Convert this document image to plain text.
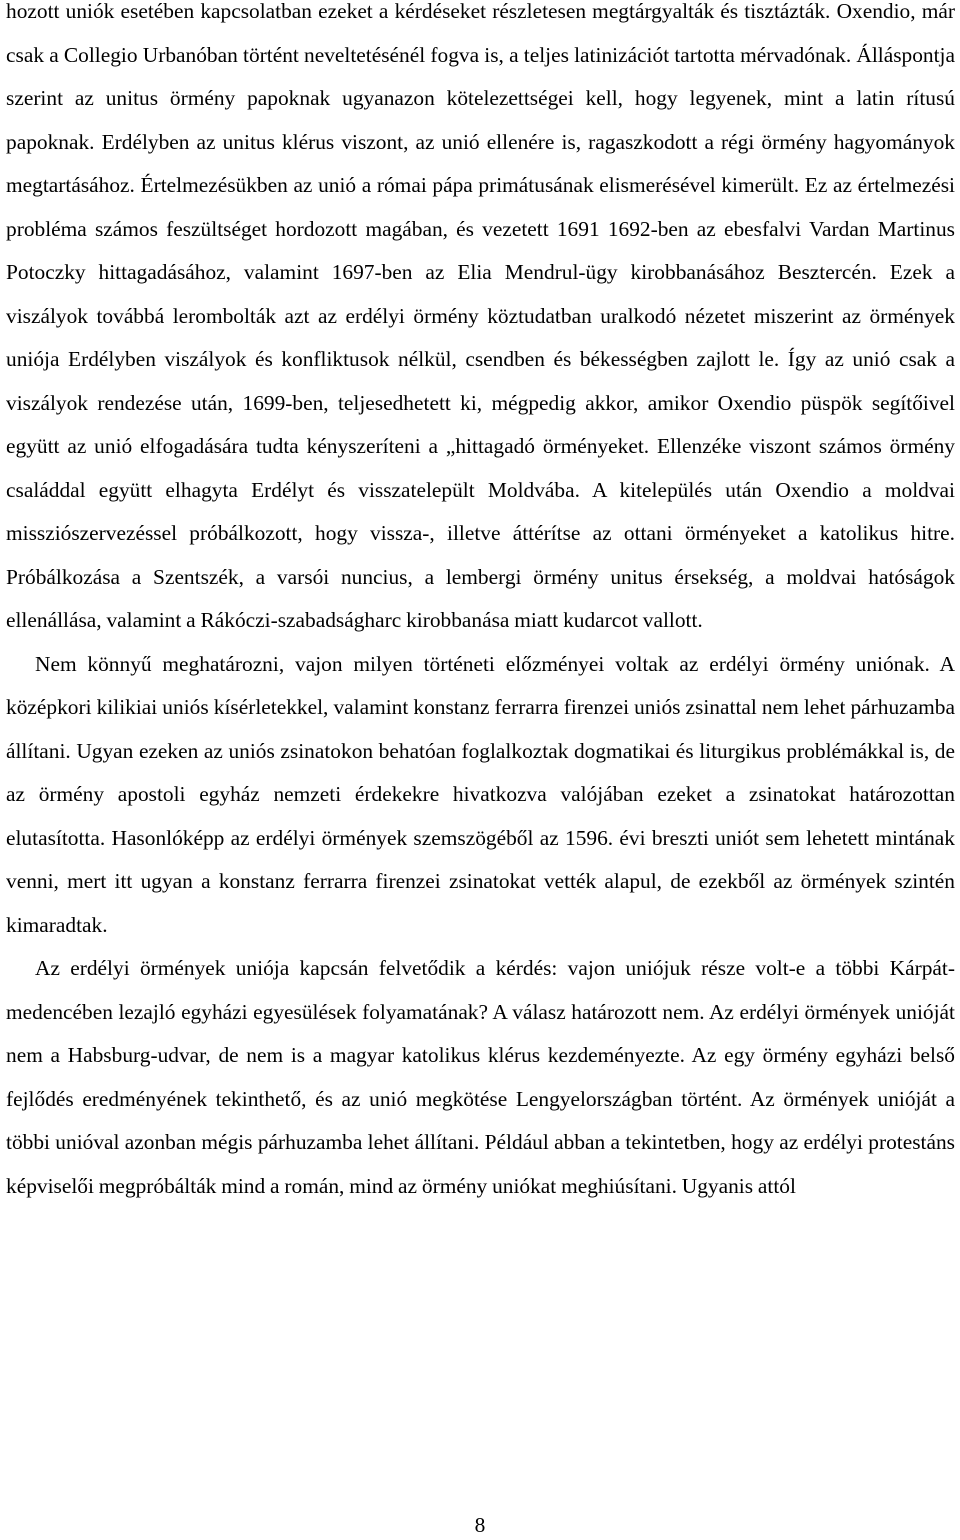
hozott uniók esetében kapcsolatban ezeket a kérdéseket részletesen megtárgyalták és tisztázták. Oxendio, már csak a Collegio Urbanóban történt neveltetésénél fogva is, a teljes latinizációt tartotta mérvadónak. Álláspontja szerint az unitus örmény papoknak ugyanazon kötelezettségei kell, hogy legyenek, mint a latin rítusú papoknak. Erdélyben az unitus klérus viszont, az unió ellenére is, ragaszkodott a régi örmény hagyományok megtartásához. Értelmezésükben az unió a római pápa primátusának elismerésével kimerült. Ez az értelmezési probléma számos feszültséget hordozott magában, és vezetett 1691 1692-ben az ebesfalvi Vardan Martinus Potoczky hittagadásához, valamint 1697-ben az Elia Mendrul-ügy kirobbanásához Besztercén. Ezek a viszályok továbbá lerombolták azt az erdélyi örmény köztudatban uralkodó nézetet miszerint az örmények uniója Erdélyben viszályok és konfliktusok nélkül, csendben és békességben zajlott le. Így az unió csak a viszályok rendezése után, 1699-ben, teljesedhetett ki, mégpedig akkor, amikor Oxendio püspök segítőivel együtt az unió elfogadására tudta kényszeríteni a „hittagadó örményeket. Ellenzéke viszont számos örmény családdal együtt elhagyta Erdélyt és visszatelepült Moldvába. A kitelepülés után Oxendio a moldvai missziószervezéssel próbálkozott, hogy vissza-, illetve áttérítse az ottani örményeket a katolikus hitre. Próbálkozása a Szentszék, a varsói nuncius, a lembergi örmény unitus érsekség, a moldvai hatóságok ellenállása, valamint a Rákóczi-szabadságharc kirobbanása miatt kudarcot vallott.

Nem könnyű meghatározni, vajon milyen történeti előzményei voltak az erdélyi örmény uniónak. A középkori kilikiai uniós kísérletekkel, valamint konstanz ferrarra firenzei uniós zsinattal nem lehet párhuzamba állítani. Ugyan ezeken az uniós zsinatokon behatóan foglalkoztak dogmatikai és liturgikus problémákkal is, de az örmény apostoli egyház nemzeti érdekekre hivatkozva valójában ezeket a zsinatokat határozottan elutasította. Hasonlóképp az erdélyi örmények szemszögéből az 1596. évi breszti uniót sem lehetett mintának venni, mert itt ugyan a konstanz ferrarra firenzei zsinatokat vették alapul, de ezekből az örmények szintén kimaradtak.

Az erdélyi örmények uniója kapcsán felvetődik a kérdés: vajon uniójuk része volt-e a többi Kárpát-medencében lezajló egyházi egyesülések folyamatának? A válasz határozott nem. Az erdélyi örmények unióját nem a Habsburg-udvar, de nem is a magyar katolikus klérus kezdeményezte. Az egy örmény egyházi belső fejlődés eredményének tekinthető, és az unió megkötése Lengyelországban történt. Az örmények unióját a többi unióval azonban mégis párhuzamba lehet állítani. Például abban a tekintetben, hogy az erdélyi protestáns képviselői megpróbálták mind a román, mind az örmény uniókat meghiúsítani. Ugyanis attól

8
